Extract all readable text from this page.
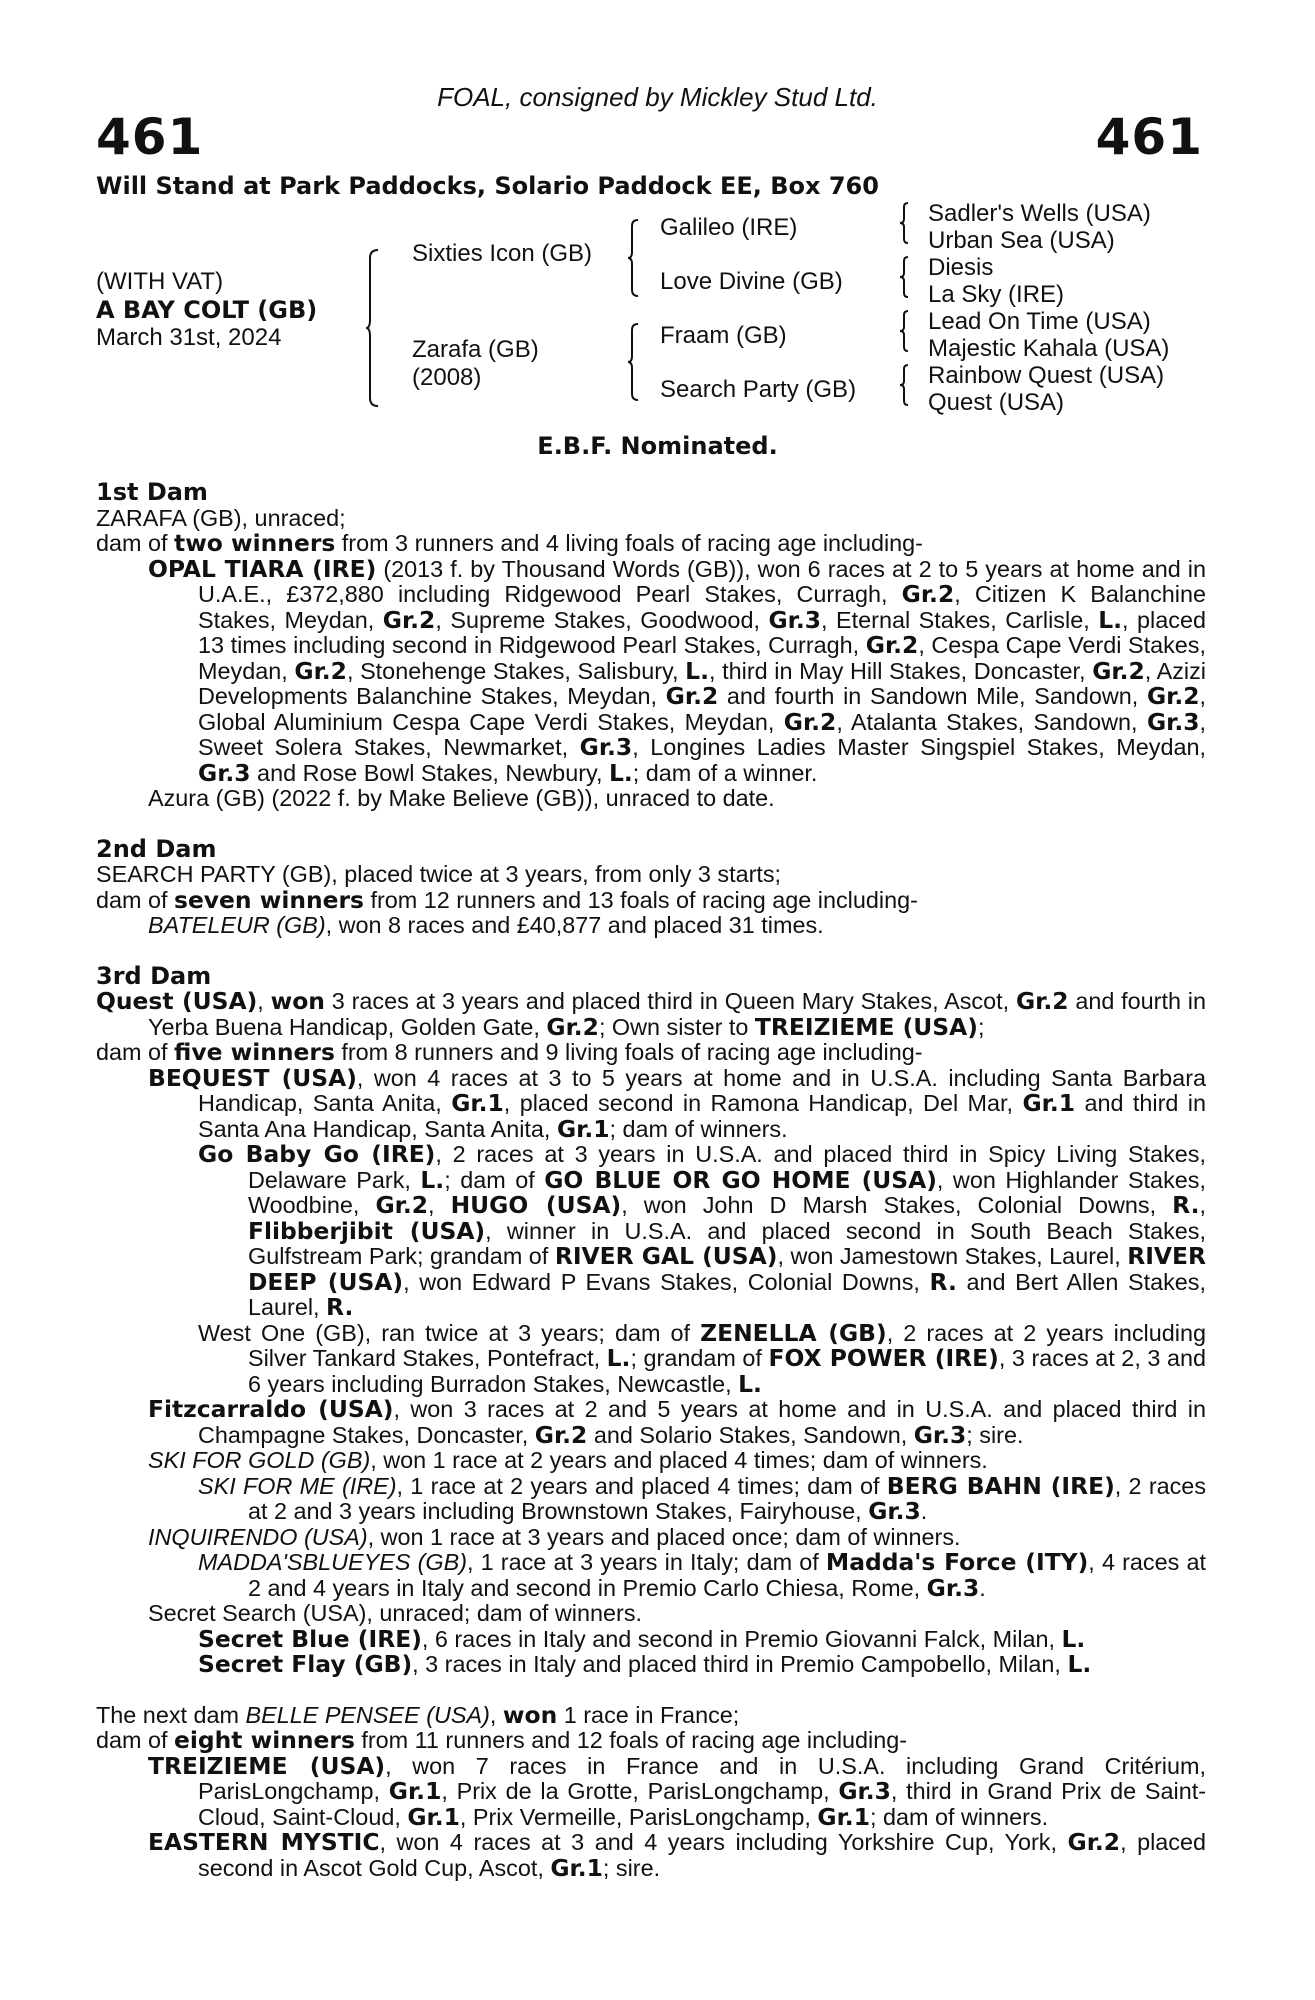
FOAL, consigned by Mickley Stud Ltd.
461	461
Will Stand at Park Paddocks, Solario Paddock EE, Box 760
(WITH VAT)
A BAY COLT (GB)
March 31st, 2024
Sixties Icon (GB)
Zarafa (GB)
(2008)
Galileo (IRE)
Love Divine (GB)
Fraam (GB)
Search Party (GB)
Sadler's Wells (USA)
Urban Sea (USA)
Diesis
La Sky (IRE)
Lead On Time (USA)
Majestic Kahala (USA)
Rainbow Quest (USA)
Quest (USA)
E.B.F. Nominated.

1st Dam

ZARAFA (GB), unraced;

dam of two winners from 3 runners and 4 living foals of racing age including-

OPAL TIARA (IRE) (2013 f. by Thousand Words (GB)), won 6 races at 2 to 5 years at home and in U.A.E., £372,880 including Ridgewood Pearl Stakes, Curragh, Gr.2, Citizen K Balanchine Stakes, Meydan, Gr.2, Supreme Stakes, Goodwood, Gr.3, Eternal Stakes, Carlisle, L., placed 13 times including second in Ridgewood Pearl Stakes, Curragh, Gr.2, Cespa Cape Verdi Stakes, Meydan, Gr.2, Stonehenge Stakes, Salisbury, L., third in May Hill Stakes, Doncaster, Gr.2, Azizi Developments Balanchine Stakes, Meydan, Gr.2 and fourth in Sandown Mile, Sandown, Gr.2, Global Aluminium Cespa Cape Verdi Stakes, Meydan, Gr.2, Atalanta Stakes, Sandown, Gr.3, Sweet Solera Stakes, Newmarket, Gr.3, Longines Ladies Master Singspiel Stakes, Meydan, Gr.3 and Rose Bowl Stakes, Newbury, L.; dam of a winner.

Azura (GB) (2022 f. by Make Believe (GB)), unraced to date.

2nd Dam

SEARCH PARTY (GB), placed twice at 3 years, from only 3 starts;

dam of seven winners from 12 runners and 13 foals of racing age including-

BATELEUR (GB), won 8 races and £40,877 and placed 31 times.

3rd Dam

Quest (USA), won 3 races at 3 years and placed third in Queen Mary Stakes, Ascot, Gr.2 and fourth in Yerba Buena Handicap, Golden Gate, Gr.2; Own sister to TREIZIEME (USA);

dam of five winners from 8 runners and 9 living foals of racing age including-

BEQUEST (USA), won 4 races at 3 to 5 years at home and in U.S.A. including Santa Barbara Handicap, Santa Anita, Gr.1, placed second in Ramona Handicap, Del Mar, Gr.1 and third in Santa Ana Handicap, Santa Anita, Gr.1; dam of winners.

Go Baby Go (IRE), 2 races at 3 years in U.S.A. and placed third in Spicy Living Stakes, Delaware Park, L.; dam of GO BLUE OR GO HOME (USA), won Highlander Stakes, Woodbine, Gr.2, HUGO (USA), won John D Marsh Stakes, Colonial Downs, R., Flibberjibit (USA), winner in U.S.A. and placed second in South Beach Stakes, Gulfstream Park; grandam of RIVER GAL (USA), won Jamestown Stakes, Laurel, RIVER DEEP (USA), won Edward P Evans Stakes, Colonial Downs, R. and Bert Allen Stakes, Laurel, R.

West One (GB), ran twice at 3 years; dam of ZENELLA (GB), 2 races at 2 years including Silver Tankard Stakes, Pontefract, L.; grandam of FOX POWER (IRE), 3 races at 2, 3 and 6 years including Burradon Stakes, Newcastle, L.

Fitzcarraldo (USA), won 3 races at 2 and 5 years at home and in U.S.A. and placed third in Champagne Stakes, Doncaster, Gr.2 and Solario Stakes, Sandown, Gr.3; sire.

SKI FOR GOLD (GB), won 1 race at 2 years and placed 4 times; dam of winners.

SKI FOR ME (IRE), 1 race at 2 years and placed 4 times; dam of BERG BAHN (IRE), 2 races at 2 and 3 years including Brownstown Stakes, Fairyhouse, Gr.3.

INQUIRENDO (USA), won 1 race at 3 years and placed once; dam of winners.

MADDA'SBLUEYES (GB), 1 race at 3 years in Italy; dam of Madda's Force (ITY), 4 races at 2 and 4 years in Italy and second in Premio Carlo Chiesa, Rome, Gr.3.

Secret Search (USA), unraced; dam of winners.

Secret Blue (IRE), 6 races in Italy and second in Premio Giovanni Falck, Milan, L.

Secret Flay (GB), 3 races in Italy and placed third in Premio Campobello, Milan, L.

The next dam BELLE PENSEE (USA), won 1 race in France;

dam of eight winners from 11 runners and 12 foals of racing age including-

TREIZIEME (USA), won 7 races in France and in U.S.A. including Grand Critérium, ParisLongchamp, Gr.1, Prix de la Grotte, ParisLongchamp, Gr.3, third in Grand Prix de Saint-Cloud, Saint-Cloud, Gr.1, Prix Vermeille, ParisLongchamp, Gr.1; dam of winners.

EASTERN MYSTIC, won 4 races at 3 and 4 years including Yorkshire Cup, York, Gr.2, placed second in Ascot Gold Cup, Ascot, Gr.1; sire.
